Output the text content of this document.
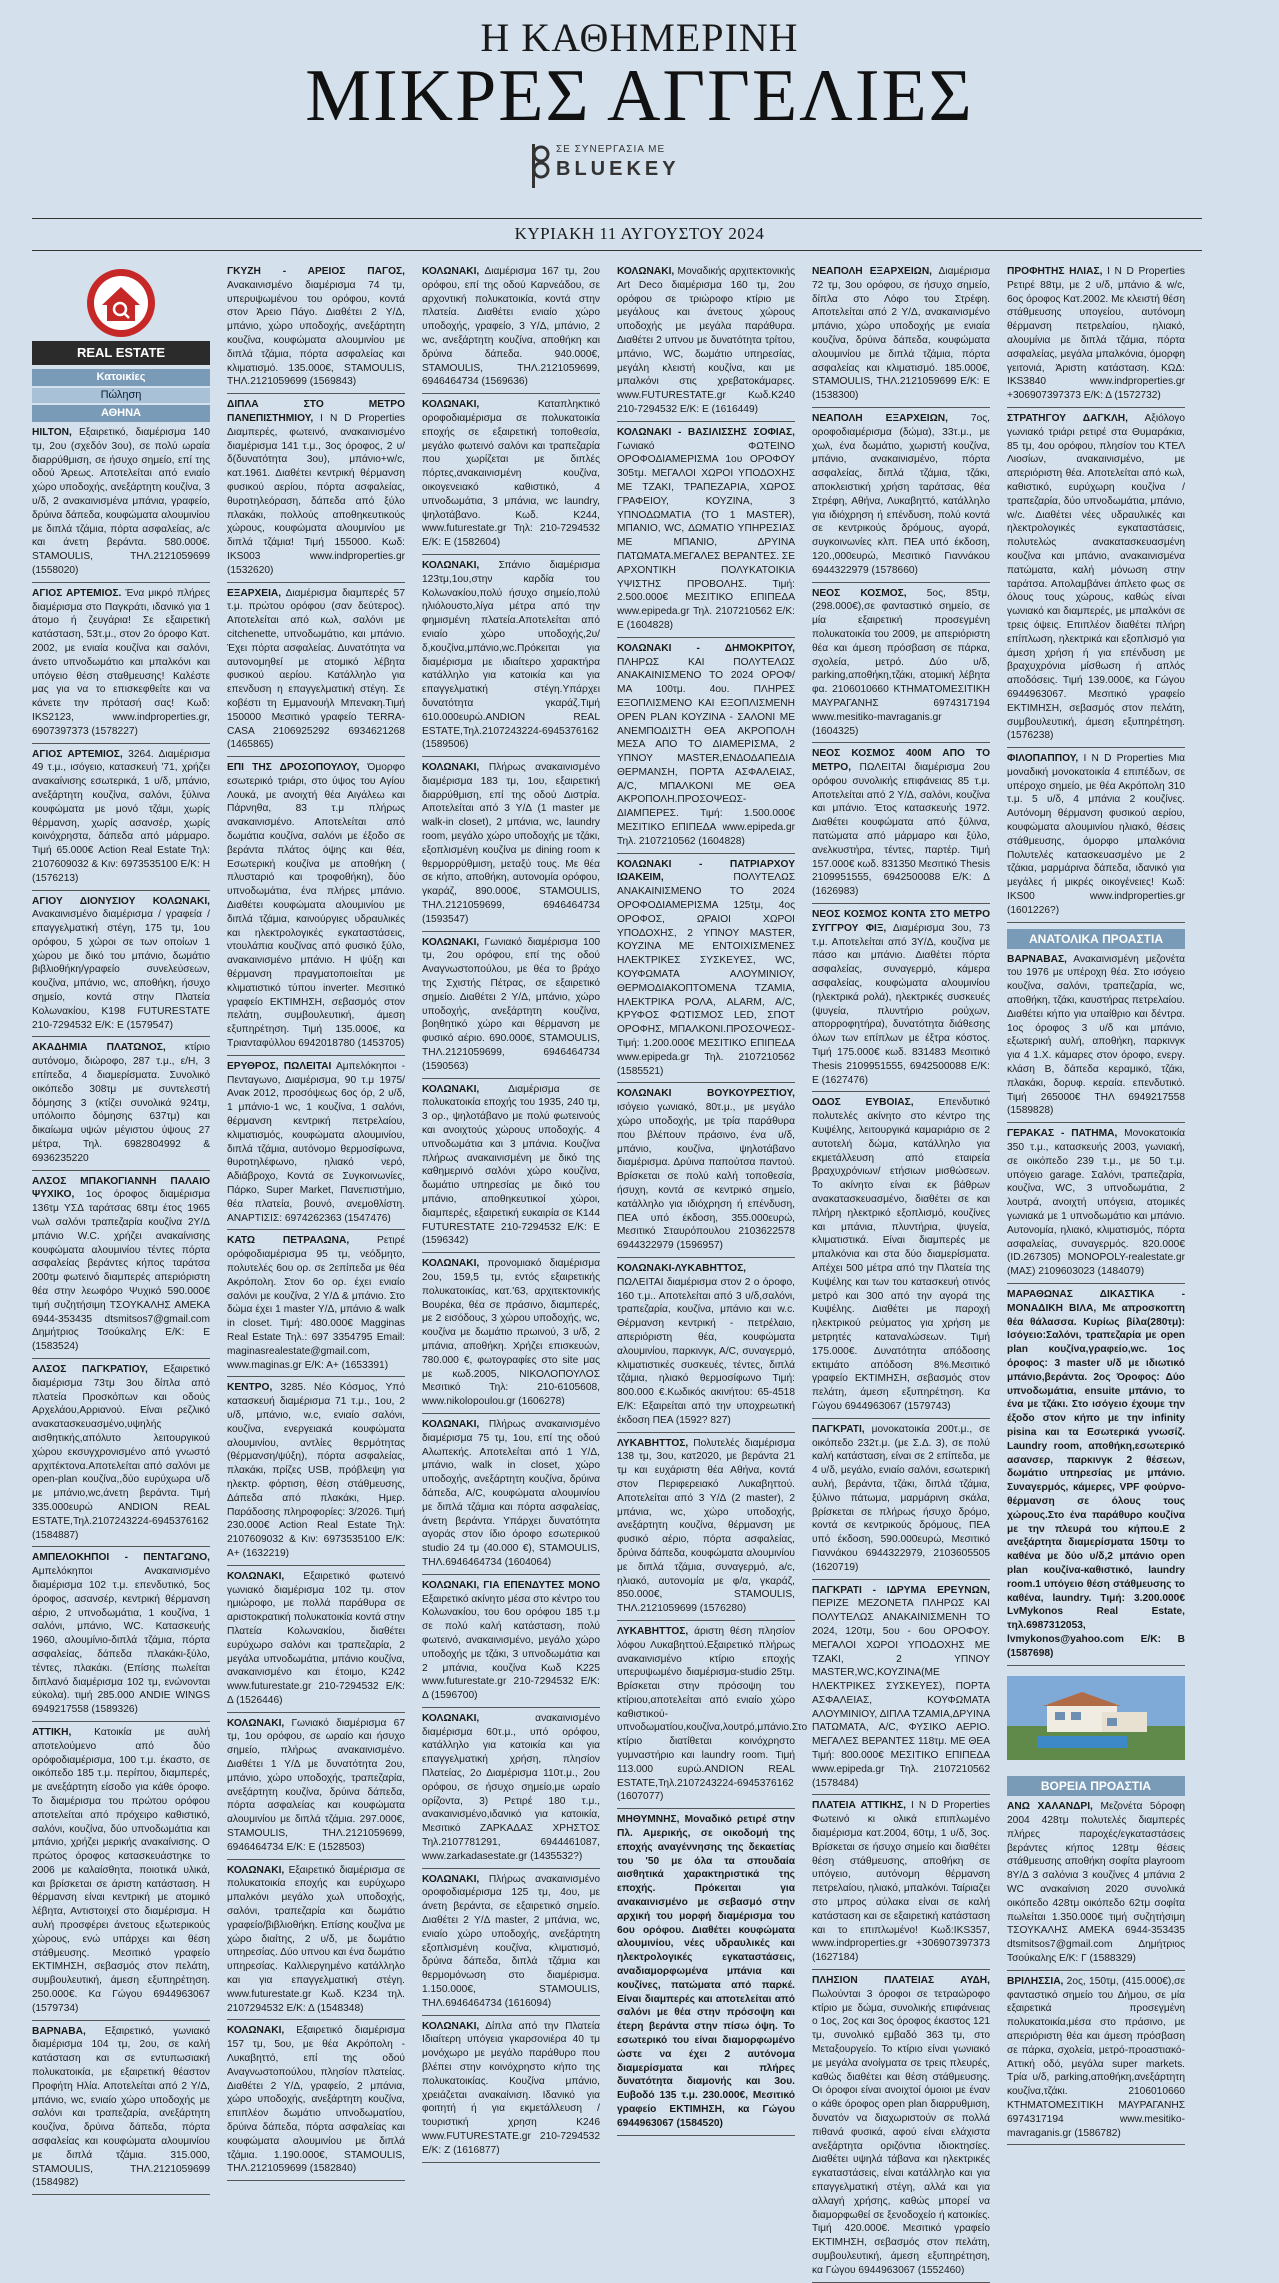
Η ΚΑΘΗΜΕΡΙΝΗ
ΜΙΚΡΕΣ ΑΓΓΕΛΙΕΣ
ΣΕ ΣΥΝΕΡΓΑΣΙΑ ΜΕ
BLUEKEY
ΚΥΡΙΑΚΗ 11 ΑΥΓΟΥΣΤΟΥ 2024
REAL ESTATE
Κατοικίες
Πώληση
ΑΘΗΝΑ
HILTON, Εξαιρετικό, διαμέρισμα 140 τμ, 2ου (σχεδόν 3ου), σε πολύ ωραία διαρρύθμιση, σε ήσυχο σημείο, επί της οδού Άρεως. Αποτελείται από ενιαίο χώρο υποδοχής, ανεξάρτητη κουζίνα, 3 υ/δ, 2 ανακαινισμένα μπάνια, γραφείο, δρύινα δάπεδα, κουφώματα αλουμινίου με διπλά τζάμια, πόρτα ασφαλείας, a/c και άνετη βεράντα. 580.000€. STAMOULIS, ΤΗΛ.2121059699 (1558020)
ΑΓΙΟΣ ΑΡΤΕΜΙΟΣ. Ένα μικρό πλήρες διαμέρισμα στο Παγκράτι, ιδανικό για 1 άτομο ή ζευγάρια! Σε εξαιρετική κατάσταση, 53τ.μ., στον 2ο όροφο Κατ. 2002, με ενιαία κουζίνα και σαλόνι, άνετο υπνοδωμάτιο και μπαλκόνι και υπόγειο θέση σταθμευσης! Καλέστε μας για να το επισκεφθείτε και να κάνετε την πρότασή σας! Κωδ: IKS2123, www.indproperties.gr, 6907397373 (1578227)
ΑΓΙΟΣ ΑΡΤΕΜΙΟΣ, 3264. Διαμέρισμα 49 τ.μ., ισόγειο, κατασκευή '71, χρήζει ανακαίνισης εσωτερικά, 1 υ/δ, μπάνιο, ανεξάρτητη κουζίνα, σαλόνι, ξύλινα κουφώματα με μονό τζάμι, χωρίς θέρμανση, χωρίς ασανσέρ, χωρίς κοινόχρηστα, δάπεδα από μάρμαρο. Τιμή 65.000€ Action Real Estate Τηλ: 2107609032 & Κιν: 6973535100 Ε/Κ: Η (1576213)
ΑΓΙΟΥ ΔΙΟΝΥΣΙΟΥ ΚΟΛΩΝΑΚΙ, Ανακαινισμένο διαμέρισμα / γραφεία / επαγγελματική στέγη, 175 τμ, 1ου ορόφου, 5 χώροι σε των οποίων 1 χώρου με δικό του μπάνιο, δωμάτιο βιβλιοθήκη/γραφείο συνελεύσεων, κουζίνα, μπάνιο, wc, αποθήκη, ήσυχο σημείο, κοντά στην Πλατεία Κολωνακίου, Κ198 FUTURESTATE 210-7294532 Ε/Κ: Ε (1579547)
ΑΚΑΔΗΜΙΑ ΠΛΑΤΩΝΟΣ, κτίριο αυτόνομο, διώροφο, 287 τ.μ., ε/Η, 3 επίπεδα, 4 διαμερίσματα. Συνολικό οικόπεδο 308τμ με συντελεστή δόμησης 3 (κτίζει συνολικά 924τμ, υπόλοιπο δόμησης 637τμ) και δικαίωμα υψών μέγιστου ύψους 27 μέτρα, Τηλ. 6982804992 & 6936235220
ΑΛΣΟΣ ΜΠΑΚΟΓΙΑΝΝΗ ΠΑΛΑΙΟ ΨΥΧΙΚΟ, 1ος όροφος διαμέρισμα 136τμ ΥΣΔ ταράτσας 68τμ έτος 1965 νωλ σαλόνι τραπεζαρία κουζίνα 2Υ/Δ μπάνιο W.C. χρήζει ανακαίνισης κουφώματα αλουμινίου τέντες πόρτα ασφαλείας βεράντες κήπος ταράτσα 200τμ φωτεινό διαμπερές απεριόριστη θέα στην λεωφόρο Ψυχικό 590.000€ τιμή συζητήσιμη ΤΣΟΥΚΑΛΗΣ ΑΜΕΚΑ 6944-353435 dtsmitsos7@gmail.com Δημήτριος Τσούκαλης Ε/Κ: Ε (1583524)
ΑΛΣΟΣ ΠΑΓΚΡΑΤΙΟΥ, Εξαιρετικό διαμέρισμα 73τμ 3ου δίπλα από πλατεία Προσκόπων και οδούς Αρχελάου,Αρριανού. Είναι ρεζλικό ανακατασκευασμένο,υψηλής αισθητικής,απόλυτο λειτουργικού χώρου εκσυγχρονισμένο από γνωστό αρχιτέκτονα.Αποτελείται από σαλόνι με open-plan κουζίνα,,δύο ευρύχωρα υ/δ με μπάνιο,wc,άνετη βεράντα. Τιμή 335.000ευρώ ANDION REAL ESTATE,Τηλ.2107243224-6945376162 (1584887)
ΑΜΠΕΛΟΚΗΠΟΙ - ΠΕΝΤΑΓΩΝΟ, Αμπελόκηποι Ανακαινισμένο διαμέρισμα 102 τ.μ. επενδυτικό, 5ος όροφος, ασανσέρ, κεντρική θέρμανση αέριο, 2 υπνοδωμάτια, 1 κουζίνα, 1 σαλόνι, μπάνιο, WC. Κατασκευής 1960, αλουμίνιο-διπλά τζάμια, πόρτα ασφαλείας, δάπεδα πλακάκι-ξύλο, τέντες, πλακάκι. (Επίσης πωλείται διπλανό διαμέρισμα 102 τμ, ενώνονται εύκολα). τιμή 285.000 ANDIE WINGS 6949217558 (1589326)
ΑΤΤΙΚΗ, Κατοικία με αυλή αποτελούμενο από δύο ορόφοδιαμέρισμα, 100 τ.μ. έκαστο, σε οικόπεδο 185 τ.μ. περίπου, διαμπερές, με ανεξάρτητη είσοδο για κάθε όροφο. Το διαμέρισμα του πρώτου ορόφου αποτελείται από πρόχειρο καθιστικό, σαλόνι, κουζίνα, δύο υπνοδωμάτια και μπάνιο, χρήζει μερικής ανακαίνισης. Ο πρώτος όροφος κατασκευάστηκε το 2006 με καλαίσθητα, ποιοτικά υλικά, και βρίσκεται σε άριστη κατάσταση. Η θέρμανση είναι κεντρική με ατομικό λέβητα, Αντιστοιχεί στο διαμέρισμα. Η αυλή προσφέρει άνετους εξωτερικούς χώρους, ενώ υπάρχει και θέση στάθμευσης. Μεσιτικό γραφείο ΕΚΤΙΜΗΣΗ, σεβασμός στον πελάτη, συμβουλευτική, άμεση εξυπηρέτηση. 250.000€. Κα Γώγου 6944963067 (1579734)
ΒΑΡΝΑΒΑ, Εξαιρετικό, γωνιακό διαμέρισμα 104 τμ, 2ου, σε καλή κατάσταση και σε εντυπωσιακή πολυκατοικία, με εξαιρετική θέαστον Προφήτη Ηλία. Αποτελείται από 2 Υ/Δ, μπάνιο, wc, ενιαίο χώρο υποδοχής με σαλόνι και τραπεζαρία, ανεξάρτητη κουζίνα, δρύινα δάπεδα, πόρτα ασφαλείας και κουφώματα αλουμινίου με διπλά τζάμια. 315.000, STAMOULIS, ΤΗΛ.2121059699 (1584982)
ΓΚΥΖΗ - ΑΡΕΙΟΣ ΠΑΓΟΣ, Ανακαινισμένο διαμέρισμα 74 τμ, υπερυψωμένου του ορόφου, κοντά στον Άρειο Πάγο. Διαθέτει 2 Υ/Δ, μπάνιο, χώρο υποδοχής, ανεξάρτητη κουζίνα, κουφώματα αλουμινίου με διπλά τζάμια, πόρτα ασφαλείας και κλιματισμό. 135.000€, STAMOULIS, ΤΗΛ.2121059699 (1569843)
ΔΙΠΛΑ ΣΤΟ ΜΕΤΡΟ ΠΑΝΕΠΙΣΤΗΜΙΟΥ, I N D Properties Διαμπερές, φωτεινό, ανακαινισμένο διαμέρισμα 141 τ.μ., 3ος όροφος, 2 υ/δ(δυνατότητα 3ου), μπάνιο+w/c, κατ.1961. Διαθέτει κεντρική θέρμανση φυσικού αερίου, πόρτα ασφαλείας, θυροτηλεόραση, δάπεδα από ξύλο πλακάκι, πολλούς αποθηκευτικούς χώρους, κουφώματα αλουμινίου με διπλά τζάμια! Τιμή 155000. Κωδ: IKS003 www.indproperties.gr (1532620)
ΕΞΑΡΧΕΙΑ, Διαμέρισμα διαμπερές 57 τ.μ. πρώτου ορόφου (σαν δεύτερος). Αποτελείται από κωλ, σαλόνι με citchenette, υπνοδωμάτιο, και μπάνιο. Έχει πόρτα ασφαλείας. Δυνατότητα να αυτονομηθεί με ατομικό λέβητα φυσικού αερίου. Κατάλληλο για επενδυση η επαγγελματική στέγη. Σε κοβέστι τη Εμμανουήλ Μπενακη.Τιμή 150000 Μεσιτικό γραφείο TERRA-CASA 2106925292 6934621268 (1465865)
ΕΠΙ ΤΗΣ ΔΡΟΣΟΠΟΥΛΟΥ, Όμορφο εσωτερικό τριάρι, στο ύψος του Αγίου Λουκά, με ανοιχτή θέα Αιγάλεω και Πάρνηθα, 83 τ.μ πλήρως ανακαινισμένο. Αποτελείται από δωμάτια κουζίνα, σαλόνι με έξοδο σε βεράντα πλάτος όψης και θέα, Εσωτερική κουζίνα με αποθήκη ( πλυσταριό και τροφοθήκη), δύο υπνοδωμάτια, ένα πλήρες μπάνιο. Διαθέτει κουφώματα αλουμινίου με διπλά τζάμια, καινούργιες υδραυλικές και ηλεκτρολογικές εγκαταστάσεις, ντουλάπια κουζίνας από φυσικό ξύλο, ανακαινισμένο μπάνιο. Η ψύξη και θέρμανση πραγματοποιείται με κλιματιστικό τύπου inverter. Μεσιτικό γραφείο ΕΚΤΙΜΗΣΗ, σεβασμός στον πελάτη, συμβουλευτική, άμεση εξυπηρέτηση. Τιμή 135.000€, κα Τριανταφύλλου 6942018780 (1453705)
ΕΡΥΘΡΟΣ, ΠΩΛΕΙΤΑΙ Αμπελόκηποι - Πενταγωνο, Διαμέρισμα, 90 τ.μ 1975/ Ανακ 2012, προσόψεως 6ος όρ, 2 υ/δ, 1 μπάνιο-1 wc, 1 κουζίνα, 1 σαλόνι, θέρμανση κεντρική πετρελαίου, κλιματισμός, κουφώματα αλουμινίου, διπλά τζάμια, αυτόνομο θερμοσίφωνα, θυροτηλέφωνο, ηλιακό νερό, Αδιάβροχο, Κοντά σε Συγκοινωνίες, Πάρκο, Super Market, Πανεπιστήμιο, θέα πλατεία, βουνό, ανεμοθλίστη. ΑΝΑΡΤΙΣΙΣ: 6974262363 (1547476)
ΚΑΤΩ ΠΕΤΡΑΛΩΝΑ, Ρετιρέ ορόφοδιαμέρισμα 95 τμ, νεόδμητο, πολυτελές 6ου ορ. σε 2επίπεδα με θέα Ακρόπολη. Στον 6ο ορ. έχει ενιαίο σαλόνι με κουζίνα, 2 Υ/Δ & μπάνιο. Στο δώμα έχει 1 master Υ/Δ, μπάνιο & walk in closet. Τιμή: 480.000€ Magginas Real Estate Τηλ.: 697 3354795 Email: maginasrealestate@gmail.com, www.maginas.gr Ε/Κ: Α+ (1653391)
ΚΕΝΤΡΟ, 3285. Νέο Κόσμος, Υπό κατασκευή διαμέρισμα 71 τ.μ., 1ου, 2 υ/δ, μπάνιο, w.c, ενιαίο σαλόνι, κουζίνα, ενεργειακά κουφώματα αλουμινίου, αντλίες θερμότητας (θέρμανση/ψύξη), πόρτα ασφαλείας, πλακάκι, πρίζες USB, πρόβλεψη για ηλεκτρ. φόρτιση, θέση στάθμευσης, Δάπεδα από πλακάκι, Ημερ. Παράδοσης πληροφορίες: 3/2026. Τιμή 230.000€ Action Real Estate Τηλ: 2107609032 & Κιν: 6973535100 Ε/Κ: Α+ (1632219)
ΚΟΛΩΝΑΚΙ, Εξαιρετικό φωτεινό γωνιακό διαμέρισμα 102 τμ. στον ημιώροφο, με πολλά παράθυρα σε αριστοκρατική πολυκατοικία κοντά στην Πλατεία Κολωνακίου, διαθέτει ευρύχωρο σαλόνι και τραπεζαρία, 2 μεγάλα υπνοδωμάτια, μπάνιο κουζίνα, ανακαινισμένο και έτοιμο, K242 www.futurestate.gr 210-7294532 Ε/Κ: Δ (1526446)
ΚΟΛΩΝΑΚΙ, Γωνιακό διαμέρισμα 67 τμ, 1ου ορόφου, σε ωραίο και ήσυχο σημείο, πλήρως ανακαινισμένο. Διαθέτει 1 Υ/Δ με δυνατότητα 2ου, μπάνιο, χώρο υποδοχής, τραπεζαρία, ανεξάρτητη κουζίνα, δρύινα δάπεδα, πόρτα ασφαλείας και κουφώματα αλουμινίου με διπλά τζάμια. 297.000€, STAMOULIS, ΤΗΛ.2121059699, 6946464734 Ε/Κ: Ε (1528503)
ΚΟΛΩΝΑΚΙ, Εξαιρετικό διαμέρισμα σε πολυκατοικία εποχής και ευρύχωρο μπαλκόνι μεγάλο χωλ υποδοχής, σαλόνι, τραπεζαρία και δωμάτιο γραφείο/βιβλιοθήκη. Επίσης κουζίνα με χώρο διαίτης, 2 υ/δ, με δωμάτιο υπηρεσίας. Δύο υπνου και ένα δωμάτιο υπηρεσίας. Καλλιεργημένο κατάλληλο και για επαγγελματική στέγη. www.futurestate.gr Κωδ. K234 τηλ. 2107294532 Ε/Κ: Δ (1548348)
ΚΟΛΩΝΑΚΙ, Εξαιρετικό διαμέρισμα 157 τμ, 5ου, με θέα Ακρόπολη - Λυκαβηττό, επί της οδού Αναγνωστοπούλου, πλησίον πλατείας. Διαθέτει 2 Υ/Δ, γραφείο, 2 μπάνια, χώρο υποδοχής, ανεξάρτητη κουζίνα, επιπλέον δωμάτιο υπνοδωματίου, δρύινα δάπεδα, πόρτα ασφαλείας και κουφώματα αλουμινίου με διπλά τζάμια. 1.190.000€, STAMOULIS, ΤΗΛ.2121059699 (1582840)
ΚΟΛΩΝΑΚΙ, Διαμέρισμα 167 τμ, 2ου ορόφου, επί της οδού Καρνεάδου, σε αρχοντική πολυκατοικία, κοντά στην πλατεία. Διαθέτει ενιαίο χώρο υποδοχής, γραφείο, 3 Υ/Δ, μπάνιο, 2 wc, ανεξάρτητη κουζίνα, αποθήκη και δρύινα δάπεδα. 940.000€, STAMOULIS, ΤΗΛ.2121059699, 6946464734 (1569636)
ΚΟΛΩΝΑΚΙ, Καταπληκτικό οροφοδιαμέρισμα σε πολυκατοικία εποχής σε εξαιρετική τοποθεσία, μεγάλο φωτεινό σαλόνι και τραπεζαρία που χωρίζεται με διπλές πόρτες,ανακαινισμένη κουζίνα, οικογενειακό καθιστικό, 4 υπνοδωμάτια, 3 μπάνια, wc laundry, ψηλοτάβανο. Κωδ. K244, www.futurestate.gr Τηλ: 210-7294532 Ε/Κ: Ε (1582604)
ΚΟΛΩΝΑΚΙ, Σπάνιο διαμέρισμα 123τμ,1ου,στην καρδία του Κολωνακίου,πολύ ήσυχο σημείο,πολύ ηλιόλουστο,λίγα μέτρα από την φημισμένη πλατεία.Αποτελείται από ενιαίο χώρο υποδοχής,2υ/δ,κουζίνα,μπάνιο,wc.Πρόκειται για διαμέρισμα με ιδιαίτερο χαρακτήρα κατάλληλο για κατοικία και για επαγγελματική στέγη.Υπάρχει δυνατότητα γκαράζ.Τιμή 610.000ευρώ.ANDION REAL ESTATE,Τηλ.2107243224-6945376162 (1589506)
ΚΟΛΩΝΑΚΙ, Πλήρως ανακαινισμένο διαμέρισμα 183 τμ, 1ου, εξαιρετική διαρρύθμιση, επί της οδού Διστρία. Αποτελείται από 3 Υ/Δ (1 master με walk-in closet), 2 μπάνια, wc, laundry room, μεγάλο χώρο υποδοχής με τζάκι, εξοπλισμένη κουζίνα με dining room κ θερμορρύθμιση, μεταξύ τους. Με θέα σε κήπο, αποθήκη, αυτονομία ορόφου, γκαράζ, 890.000€, STAMOULIS, ΤΗΛ.2121059699, 6946464734 (1593547)
ΚΟΛΩΝΑΚΙ, Γωνιακό διαμέρισμα 100 τμ, 2ου ορόφου, επί της οδού Αναγνωστοπούλου, με θέα το βράχο της Σχιστής Πέτρας, σε εξαιρετικό σημείο. Διαθέτει 2 Υ/Δ, μπάνιο, χώρο υποδοχής, ανεξάρτητη κουζίνα, βοηθητικό χώρο και θέρμανση με φυσικό αέριο. 690.000€, STAMOULIS, ΤΗΛ.2121059699, 6946464734 (1590563)
ΚΟΛΩΝΑΚΙ, Διαμέρισμα σε πολυκατοικία εποχής του 1935, 240 τμ, 3 ορ., ψηλοτάβανο με πολύ φωτεινούς και ανοιχτούς χώρους υποδοχής. 4 υπνοδωμάτια και 3 μπάνια. Κουζίνα πλήρως ανακαινισμένη με δικό της καθημερινό σαλόνι χώρο κουζίνα, δωμάτιο υπηρεσίας με δικό του μπάνιο, αποθηκευτικοί χώροι, διαμπερές, εξαιρετική ευκαιρία σε Κ144 FUTURESTATE 210-7294532 Ε/Κ: Ε (1596342)
ΚΟΛΩΝΑΚΙ, προνομιακό διαμέρισμα 2ου, 159,5 τμ, εντός εξαιρετικής πολυκατοικίας, κατ.'63, αρχιτεκτονικής Βουρέκα, θέα σε πράσινο, διαμπερές, με 2 εισόδους, 3 χώρου υποδοχής, wc, κουζίνα με δωμάτιο πρωινού, 3 υ/δ, 2 μπάνια, αποθήκη. Χρήζει επισκευών, 780.000 €, φωτογραφίες στο site μας με κωδ.2005, ΝΙΚΟΛΟΠΟΥΛΟΣ Μεσιτικό Τηλ: 210-6105608, www.nikolopoulou.gr (1606278)
ΚΟΛΩΝΑΚΙ, Πλήρως ανακαινισμένο διαμέρισμα 75 τμ, 1ου, επί της οδού Αλωπεκής. Αποτελείται από 1 Υ/Δ, μπάνιο, walk in closet, χώρο υποδοχής, ανεξάρτητη κουζίνα, δρύινα δάπεδα, Α/C, κουφώματα αλουμινίου με διπλά τζάμια και πόρτα ασφαλείας, άνετη βεράντα. Υπάρχει δυνατότητα αγοράς στον ίδιο όροφο εσωτερικού studio 24 τμ (40.000 €), STAMOULIS, ΤΗΛ.6946464734 (1604064)
ΚΟΛΩΝΑΚΙ, ΓΙΑ ΕΠΕΝΔΥΤΕΣ ΜΟΝΟ Εξαιρετικό ακίνητο μέσα στο κέντρο του Κολωνακίου, του 6ου ορόφου 185 τ.μ σε πολύ καλή κατάσταση, πολύ φωτεινό, ανακαινισμένο, μεγάλο χώρο υποδοχής με τζάκι, 3 υπνοδωμάτια και 2 μπάνια, κουζίνα Κωδ K225 www.futurestate.gr 210-7294532 Ε/Κ: Δ (1596700)
ΚΟΛΩΝΑΚΙ, ανακαινισμένο διαμέρισμα 60τ.μ., υπό ορόφου, κατάλληλο για κατοικία και για επαγγελματική χρήση, πλησίον Πλατείας, 2ο Διαμέρισμα 110τ.μ., 2ου ορόφου, σε ήσυχο σημείο,με ωραίο ορίζοντα, 3) Ρετιρέ 180 τ.μ., ανακαινισμένο,ιδανικό για κατοικία, Μεσιτικό ΖΑΡΚΑΔΑΣ ΧΡΗΣΤΟΣ Τηλ.2107781291, 6944461087, www.zarkadasestate.gr (1435532?)
ΚΟΛΩΝΑΚΙ, Πλήρως ανακαινισμένο οροφοδιαμέρισμα 125 τμ, 4ου, με άνετη βεράντα, σε εξαιρετικό σημείο. Διαθέτει 2 Υ/Δ master, 2 μπάνια, wc, ενιαίο χώρο υποδοχής, ανεξάρτητη εξοπλισμένη κουζίνα, κλιματισμό, δρύινα δάπεδα, διπλά τζάμια και θερμομόνωση στο διαμέρισμα. 1.150.000€, STAMOULIS, ΤΗΛ.6946464734 (1616094)
ΚΟΛΩΝΑΚΙ, Δίπλα από την Πλατεία Ιδιαίτερη υπόγεια γκαρσονιέρα 40 τμ μονόχωρο με μεγάλο παράθυρο που βλέπει στην κοινόχρηστο κήπο της πολυκατοικίας. Κουζίνα μπάνιο, χρειάζεται ανακαίνιση. Ιδανικό για φοιτητή ή για εκμετάλλευση / τουριστική χρηση K246 www.FUTURESTATE.gr 210-7294532 Ε/Κ: Ζ (1616877)
ΚΟΛΩΝΑΚΙ, Μοναδικής αρχιτεκτονικής Art Deco διαμέρισμα 160 τμ, 2ου ορόφου σε τριώροφο κτίριο με μεγάλους και άνετους χώρους υποδοχής με μεγάλα παράθυρα. Διαθέτει 2 υπνου με δυνατότητα τρίτου, μπάνιο, WC, δωμάτιο υπηρεσίας, μεγάλη κλειστή κουζίνα, και με μπαλκόνι στις χρεβατοκάμαρες. www.FUTURESTATE.gr Κωδ.K240 210-7294532 Ε/Κ: Ε (1616449)
ΚΟΛΩΝΑΚΙ - ΒΑΣΙΛΙΣΣΗΣ ΣΟΦΙΑΣ, Γωνιακό ΦΩΤΕΙΝΟ ΟΡΟΦΟΔΙΑΜΕΡΙΣΜΑ 1ου ΟΡΟΦΟΥ 305τμ. ΜΕΓΑΛΟΙ ΧΩΡΟΙ ΥΠΟΔΟΧΗΣ ΜΕ ΤΖΑΚΙ, ΤΡΑΠΕΖΑΡΙΑ, ΧΩΡΟΣ ΓΡΑΦΕΙΟΥ, ΚΟΥΖΙΝΑ, 3 ΥΠΝΟΔΩΜΑΤΙΑ (ΤΟ 1 MASTER), ΜΠΑΝΙΟ, WC, ΔΩΜΑΤΙΟ ΥΠΗΡΕΣΙΑΣ ΜΕ ΜΠΑΝΙΟ, ΔΡΥΙΝΑ ΠΑΤΩΜΑΤΑ.ΜΕΓΑΛΕΣ ΒΕΡΑΝΤΕΣ. ΣΕ ΑΡΧΟΝΤΙΚΗ ΠΟΛΥΚΑΤΟΙΚΙΑ ΥΨΙΣΤΗΣ ΠΡΟΒΟΛΗΣ. Τιμή: 2.500.000€ ΜΕΣΙΤΙΚΟ ΕΠΙΠΕΔΑ www.epipeda.gr Τηλ. 2107210562 Ε/Κ: Ε (1604828)
ΚΟΛΩΝΑΚΙ - ΔΗΜΟΚΡΙΤΟΥ, ΠΛΗΡΩΣ ΚΑΙ ΠΟΛΥΤΕΛΩΣ ΑΝΑΚΑΙΝΙΣΜΕΝΟ ΤΟ 2024 ΟΡΟΦ/ΜΑ 100τμ. 4ου. ΠΛΗΡΕΣ ΕΞΟΠΛΙΣΜΕΝΟ ΚΑΙ ΕΞΟΠΛΙΣΜΕΝΗ OPEN PLAN ΚΟΥΖΙΝΑ - ΣΑΛΟΝΙ ΜΕ ΑΝΕΜΠΟΔΙΣΤΗ ΘΕΑ ΑΚΡΟΠΟΛΗ ΜΕΣΑ ΑΠΟ ΤΟ ΔΙΑΜΕΡΙΣΜΑ, 2 ΥΠΝΟΥ MASTER,ΕΝΔΟΔΑΠΕΔΙΑ ΘΕΡΜΑΝΣΗ, ΠΟΡΤΑ ΑΣΦΑΛΕΙΑΣ, A/C, ΜΠΑΛΚΟΝΙ ΜΕ ΘΕΑ ΑΚΡΟΠΟΛΗ.ΠΡΟΣΟΨΕΩΣ-ΔΙΑΜΠΕΡΕΣ. Τιμή: 1.500.000€ ΜΕΣΙΤΙΚΟ ΕΠΙΠΕΔΑ www.epipeda.gr Τηλ. 2107210562 (1604828)
ΚΟΛΩΝΑΚΙ - ΠΑΤΡΙΑΡΧΟΥ ΙΩΑΚΕΙΜ, ΠΟΛΥΤΕΛΩΣ ΑΝΑΚΑΙΝΙΣΜΕΝΟ ΤΟ 2024 ΟΡΟΦΟΔΙΑΜΕΡΙΣΜΑ 125τμ, 4ος ΟΡΟΦΟΣ, ΩΡΑΙΟΙ ΧΩΡΟΙ ΥΠΟΔΟΧΗΣ, 2 ΥΠΝΟΥ MASTER, ΚΟΥΖΙΝΑ ΜΕ ΕΝΤΟΙΧΙΣΜΕΝΕΣ ΗΛΕΚΤΡΙΚΕΣ ΣΥΣΚΕΥΕΣ, WC, ΚΟΥΦΩΜΑΤΑ ΑΛΟΥΜΙΝΙΟΥ, ΘΕΡΜΟΔΙΑΚΟΠΤΟΜΕΝΑ ΤΖΑΜΙΑ, ΗΛΕΚΤΡΙΚΑ ΡΟΛΑ, ALARM, A/C, ΚΡΥΦΟΣ ΦΩΤΙΣΜΟΣ LED, ΣΠΟΤ ΟΡΟΦΗΣ, ΜΠΑΛΚΟΝΙ.ΠΡΟΣΟΨΕΩΣ-Τιμή: 1.200.000€ ΜΕΣΙΤΙΚΟ ΕΠΙΠΕΔΑ www.epipeda.gr Τηλ. 2107210562 (1585521)
ΚΟΛΩΝΑΚΙ ΒΟΥΚΟΥΡΕΣΤΙΟΥ, ισόγειο γωνιακό, 80τ.μ., με μεγάλο χώρο υποδοχής, με τρία παράθυρα που βλέπουν πράσινο, ένα υ/δ, μπάνιο, κουζίνα, ψηλοτάβανο διαμέρισμα. Δρύινα παπούτσα παντού. Βρίσκεται σε πολύ καλή τοποθεσία, ήσυχη, κοντά σε κεντρικό σημείο, κατάλληλο για ιδιόχρηση ή επένδυση, ΠΕΑ υπό έκδοση, 355.000ευρώ, Μεσιτικό Σταυρόπουλου 2103622578 6944322979 (1596957)
ΚΟΛΩΝΑΚΙ-ΛΥΚΑΒΗΤΤΟΣ, ΠΩΛΕΙΤΑΙ διαμέρισμα στον 2 ο όροφο, 160 τ.μ.. Αποτελείται από 3 υ/δ,σαλόνι, τραπεζαρία, κουζίνα, μπάνιο και w.c. Θέρμανση κεντρική - πετρέλαιο, απεριόριστη θέα, κουφώματα αλουμινίου, παρκινγκ, Α/C, συναγερμό, κλιματιστικές συσκευές, τέντες, διπλά τζάμια, ηλιακό θερμοσίφωνο Τιμή: 800.000 €.Κωδικός ακινήτου: 65-4518 Ε/Κ: Εξαιρείται από την υποχρεωτική έκδοση ΠΕΑ (1592? 827)
ΛΥΚΑΒΗΤΤΟΣ, Πολυτελές διαμέρισμα 138 τμ, 3ου, κατ2020, με βεράντα 21 τμ και ευχάριστη θέα Αθήνα, κοντά στον Περιφερειακό Λυκαβηττού. Αποτελείται από 3 Υ/Δ (2 master), 2 μπάνια, wc, χώρο υποδοχής, ανεξάρτητη κουζίνα, θέρμανση με φυσικό αέριο, πόρτα ασφαλείας, δρύινα δάπεδα, κουφώματα αλουμινίου με διπλά τζάμια, συναγερμό, a/c, ηλιακό, αυτονομία με φ/α, γκαράζ, 850.000€, STAMOULIS, ΤΗΛ.2121059699 (1576280)
ΛΥΚΑΒΗΤΤΟΣ, άριστη θέση πλησίον λόφου Λυκαβηττού.Εξαιρετικό πλήρως ανακαινισμένο κτίριο εποχής υπερυψωμένο διαμέρισμα-studio 25τμ. Βρίσκεται στην πρόσοψη του κτίριου,αποτελείται από ενιαίο χώρο καθιστικού-υπνοδωματίου,κουζίνα,λουτρό,μπάνιο.Στο κτίριο διατίθεται κοινόχρηστο γυμναστήριο και laundry room. Τιμή 113.000 ευρώ.ANDION REAL ESTATE,Τηλ.2107243224-6945376162 (1607077)
ΜΗΘΥΜΝΗΣ, Μοναδικό ρετιρέ στην Πλ. Αμερικής, σε οικοδομή της εποχής αναγέννησης της δεκαετίας του '50 με όλα τα σπουδαία αισθητικά χαρακτηριστικά της εποχής. Πρόκειται για ανακαινισμένο με σεβασμό στην αρχική του μορφή διαμέρισμα του 6ου ορόφου. Διαθέτει κουφώματα αλουμινίου, νέες υδραυλικές και ηλεκτρολογικές εγκαταστάσεις, αναδιαμορφωμένα μπάνια και κουζίνες, πατώματα από παρκέ. Είναι διαμπερές και αποτελείται από σαλόνι με θέα στην πρόσοψη και έτερη βεράντα στην πίσω όψη. Το εσωτερικό του είναι διαμορφωμένο ώστε να έχει 2 αυτόνομα διαμερίσματα και πλήρες δυνατότητα διαμονής και 3ου. Ευβοδό 135 τ.μ. 230.000€, Μεσιτικό γραφείο ΕΚΤΙΜΗΣΗ, κα Γώγου 6944963067 (1584520)
ΝΕΑΠΟΛΗ ΕΞΑΡΧΕΙΩΝ, Διαμέρισμα 72 τμ, 3ου ορόφου, σε ήσυχο σημείο, δίπλα στο Λόφο του Στρέφη. Αποτελείται από 2 Υ/Δ, ανακαινισμένο μπάνιο, χώρο υποδοχής με ενιαία κουζίνα, δρύινα δάπεδα, κουφώματα αλουμινίου με διπλά τζάμια, πόρτα ασφαλείας και κλιματισμό. 185.000€, STAMOULIS, ΤΗΛ.2121059699 Ε/Κ: Ε (1538300)
ΝΕΑΠΟΛΗ ΕΞΑΡΧΕΙΩΝ, 7ος, οροφοδιαμέρισμα (δώμα), 33τ.μ., με χωλ, ένα δωμάτιο, χωριστή κουζίνα, μπάνιο, ανακαινισμένο, πόρτα ασφαλείας, διπλά τζάμια, τζάκι, αποκλειστική χρήση ταράτσας, θέα Στρέφη, Αθήνα, Λυκαβηττό, κατάλληλο για ιδιόχρηση ή επένδυση, πολύ κοντά σε κεντρικούς δρόμους, αγορά, συγκοινωνίες κλπ. ΠΕΑ υπό έκδοση, 120.,000ευρώ, Μεσιτικό Γιαννάκου 6944322979 (1578660)
ΝΕΟΣ ΚΟΣΜΟΣ, 5ος, 85τμ, (298.000€),σε φανταστικό σημείο, σε μία εξαιρετική προσεγμένη πολυκατοικία του 2009, με απεριόριστη θέα και άμεση πρόσβαση σε πάρκα, σχολεία, μετρό. Δύο υ/δ, parking,αποθήκη,τζάκι, ατομική λέβητα φα. 2106010660 ΚΤΗΜΑΤΟΜΕΣΙΤΙΚΗ ΜΑΥΡΑΓΑΝΗΣ 6974317194 www.mesitiko-mavraganis.gr (1604325)
ΝΕΟΣ ΚΟΣΜΟΣ 400Μ ΑΠΟ ΤΟ ΜΕΤΡΟ, ΠΩΛΕΙΤΑΙ διαμέρισμα 2ου ορόφου συνολικής επιφάνειας 85 τ.μ. Αποτελείται από 2 Υ/Δ, σαλόνι, κουζίνα και μπάνιο. Έτος κατασκευής 1972. Διαθέτει κουφώματα από ξύλινα, πατώματα από μάρμαρο και ξύλο, ανελκυστήρα, τέντες, παρτέρ. Τιμή 157.000€ κωδ. 831350 Μεσιτικό Thesis 2109951555, 6942500088 Ε/Κ: Δ (1626983)
ΝΕΟΣ ΚΟΣΜΟΣ ΚΟΝΤΑ ΣΤΟ ΜΕΤΡΟ ΣΥΓΓΡΟΥ ΦΙΞ, Διαμέρισμα 3ου, 73 τ.μ. Αποτελείται από 3Υ/Δ, κουζίνα με πάσο και μπάνιο. Διαθέτει πόρτα ασφαλείας, συναγερμό, κάμερα ασφαλείας, κουφώματα αλουμινίου (ηλεκτρικά ρολά), ηλεκτρικές συσκευές (ψυγεία, πλυντήριο ρούχων, απορροφητήρα), δυνατότητα διάθεσης όλων των επίπλων με έξτρα κόστος. Τιμή 175.000€ κωδ. 831483 Μεσιτικό Thesis 2109951555, 6942500088 Ε/Κ: Ε (1627476)
ΟΔΟΣ ΕΥΒΟΙΑΣ, Επενδυτικό πολυτελές ακίνητο στο κέντρο της Κυψέλης, λειτουργικά καμαριάριο σε 2 αυτοτελή δώμα, κατάλληλο για εκμετάλλευση από εταιρεία βραχυχρόνιων/ ετήσιων μισθώσεων. Το ακίνητο είναι εκ βάθρων ανακατασκευασμένο, διαθέτει σε και πλήρη ηλεκτρικό εξοπλισμό, κουζίνες και μπάνια, πλυντήρια, ψυγεία, κλιματιστικά. Είναι διαμπερές με μπαλκόνια και στα δύο διαμερίσματα. Απέχει 500 μέτρα από την Πλατεία της Κυψέλης και των του κατασκευή οτινός μετρό και 300 από την αγορά της Κυψέλης. Διαθέτει με παροχή ηλεκτρικού ρεύματος για χρήση με μετρητές καταναλώσεων. Τιμή 175.000€. Δυνατότητα απόδοσης εκτιμάτο απόδοση 8%.Μεσιτικό γραφείο ΕΚΤΙΜΗΣΗ, σεβασμός στον πελάτη, άμεση εξυπηρέτηση. Κα Γώγου 6944963067 (1579743)
ΠΑΓΚΡΑΤΙ, μονοκατοικία 200τ.μ., σε οικόπεδο 232τ.μ. (με Σ.Δ. 3), σε πολύ καλή κατάσταση, είναι σε 2 επίπεδα, με 4 υ/δ, μεγάλο, ενιαίο σαλόνι, εσωτερική αυλή, βεράντα, τζάκι, διπλά τζάμια, ξύλινο πάτωμα, μαρμάρινη σκάλα, βρίσκεται σε πλήρως ήσυχο δρόμο, κοντά σε κεντρικούς δρόμους, ΠΕΑ υπό έκδοση, 590.000ευρώ, Μεσιτικό Γιαννάκου 6944322979, 2103605505 (1620719)
ΠΑΓΚΡΑΤΙ - ΙΔΡΥΜΑ ΕΡΕΥΝΩΝ, ΠΕΡΙΖΕ ΜΕΖΟΝΕΤΑ ΠΛΗΡΩΣ ΚΑΙ ΠΟΛΥΤΕΛΩΣ ΑΝΑΚΑΙΝΙΣΜΕΝΗ ΤΟ 2024, 120τμ, 5ου - 6ου ΟΡΟΦΟΥ. ΜΕΓΑΛΟΙ ΧΩΡΟΙ ΥΠΟΔΟΧΗΣ ΜΕ ΤΖΑΚΙ, 2 ΥΠΝΟΥ MASTER,WC,ΚΟΥΖΙΝΑ(ΜΕ ΗΛΕΚΤΡΙΚΕΣ ΣΥΣΚΕΥΕΣ), ΠΟΡΤΑ ΑΣΦΑΛΕΙΑΣ, ΚΟΥΦΩΜΑΤΑ ΑΛΟΥΜΙΝΙΟΥ, ΔΙΠΛΑ ΤΖΑΜΙΑ,ΔΡΥΙΝΑ ΠΑΤΩΜΑΤΑ, A/C, ΦΥΣΙΚΟ ΑΕΡΙΟ. ΜΕΓΑΛΕΣ ΒΕΡΑΝΤΕΣ 118τμ. ΜΕ ΘΕΑ Τιμή: 800.000€ ΜΕΣΙΤΙΚΟ ΕΠΙΠΕΔΑ www.epipeda.gr Τηλ. 2107210562 (1578484)
ΠΛΑΤΕΙΑ ΑΤΤΙΚΗΣ, I N D Properties Φωτεινό κι ολικά επιπλωμένο διαμέρισμα κατ.2004, 60τμ, 1 υ/δ, 3ος. Βρίσκεται σε ήσυχο σημείο και διαθέτει θέση στάθμευσης, αποθήκη σε υπόγειο, αυτόνομη θέρμανση πετρελαίου, ηλιακό, μπαλκόνι. Ταίριαζει στο μπρος αύλακα είναι σε καλή κατάσταση και σε εξαιρετική κατάσταση και το επιπλωμένο! Κωδ:IKS357, www.indproperties.gr +306907397373 (1627184)
ΠΛΗΣΙΟΝ ΠΛΑΤΕΙΑΣ ΑΥΔΗ, Πωλούνται 3 όροφοι σε τετραώροφο κτίριο με δώμα, συνολικής επιφάνειας ο 1ος, 2ος και 3ος όροφος έκαστος 121 τμ, συνολικό εμβαδό 363 τμ, στο Μεταξουργείο. Το κτίριο είναι γωνιακό με μεγάλα ανοίγματα σε τρεις πλευρές, καθώς διαθέτει και θέση στάθμευσης. Οι όροφοι είναι ανοιχτοί όμοιοι με έναν ο κάθε όροφος open plan διαρρυθμιση, δυνατόν να διαχωριστούν σε πολλά πιθανά φυσικά, αφού είναι ελάχιστα ανεξάρτητα οριζόντια ιδιοκτησίες. Διαθέτει υψηλά τάβανα και ηλεκτρικές εγκαταστάσεις, είναι κατάλληλο και για επαγγελματική στέγη, αλλά και για αλλαγή χρήσης, καθώς μπορεί να διαμορφωθεί σε ξενοδοχείο ή κατοικίες. Τιμή 420.000€. Μεσιτικό γραφείο ΕΚΤΙΜΗΣΗ, σεβασμός στον πελάτη, συμβουλευτική, άμεση εξυπηρέτηση, κα Γώγου 6944963067 (1552460)
ΠΡΟΦΗΤΗΣ ΗΛΙΑΣ, I N D Properties Ρετιρέ 88τμ, με 2 υ/δ, μπάνιο & w/c, 6ος όροφος Κατ.2002. Με κλειστή θέση στάθμευσης υπογείου, αυτόνομη θέρμανση πετρελαίου, ηλιακό, αλουμίνια με διπλά τζάμια, πόρτα ασφαλείας, μεγάλα μπαλκόνια, όμορφη γειτονιά, Άριστη κατάσταση. ΚΩΔ: IKS3840 www.indproperties.gr +306907397373 Ε/Κ: Δ (1572732)
ΣΤΡΑΤΗΓΟΥ ΔΑΓΚΛΗ, Αξιόλογο γωνιακό τριάρι ρετιρέ στα Θυμαράκια, 85 τμ, 4ου ορόφου, πλησίον του ΚΤΕΛ Λιοσίων, ανακαινισμένο, με απεριόριστη θέα. Αποτελείται από κωλ, καθιστικό, ευρύχωρη κουζίνα / τραπεζαρία, δύο υπνοδωμάτια, μπάνιο, w/c. Διαθέτει νέες υδραυλικές και ηλεκτρολογικές εγκαταστάσεις, πολυτελώς ανακατασκευασμένη κουζίνα και μπάνιο, ανακαινισμένα πατώματα, καλή μόνωση στην ταράτσα. Απολαμβάνει άπλετο φως σε όλους τους χώρους, καθώς είναι γωνιακό και διαμπερές, με μπαλκόνι σε τρεις όψεις. Επιπλέον διαθέτει πλήρη επίπλωση, ηλεκτρικά και εξοπλισμό για άμεση χρήση ή για επένδυση με βραχυχρόνια μίσθωση ή απλός αποδόσεις. Τιμή 139.000€, κα Γώγου 6944963067. Μεσιτικό γραφείο ΕΚΤΙΜΗΣΗ, σεβασμός στον πελάτη, συμβουλευτική, άμεση εξυπηρέτηση. (1576238)
ΦΙΛΟΠΑΠΠΟΥ, I N D Properties Μια μοναδική μονοκατοικία 4 επιπέδων, σε υπέροχο σημείο, με θέα Ακρόπολη 310 τ.μ. 5 υ/δ, 4 μπάνια 2 κουζίνες. Αυτόνομη θέρμανση φυσικού αερίου, κουφώματα αλουμινίου ηλιακό, θέσεις στάθμευσης, όμορφο μπαλκόνια Πολυτελές κατασκευασμένο με 2 τζάκια, μαρμάρινα δάπεδα, ιδανικό για μεγάλες ή μικρές οικογένειες! Κωδ: IKS00 www.indproperties.gr (1601226?)
ΑΝΑΤΟΛΙΚΑ ΠΡΟΑΣΤΙΑ
ΒΑΡΝΑΒΑΣ, Ανακαινισμένη μεζονέτα του 1976 με υπέροχη θέα. Στο ισόγειο κουζίνα, σαλόνι, τραπεζαρία, wc, αποθήκη, τζάκι, καυστήρας πετρελαίου. Διαθέτει κήπο για υπαίθριο και δέντρα. 1ος όροφος 3 υ/δ και μπάνιο, εξωτερική αυλή, αποθήκη, παρκινγκ για 4 1.Χ. κάμαρες στον όροφο, ενεργ. κλάση Β, δάπεδα κεραμικό, τζάκι, πλακάκι, δορυφ. κεραία. επενδυτικό. Τιμή 265000€ ΤΗΛ 6949217558 (1589828)
ΓΕΡΑΚΑΣ - ΠΑΤΗΜΑ, Μονοκατοικία 350 τ.μ., κατασκευής 2003, γωνιακή, σε οικόπεδο 239 τ.μ., με 50 τ.μ. υπόγειο garage. Σαλόνι, τραπεζαρία, κουζίνα, WC, 3 υπνοδωμάτια, 2 λουτρά, ανοιχτή υπόγεια, ατομικές γωνιακά με 1 υπνοδωμάτιο και μπάνιο. Αυτονομία, ηλιακό, κλιματισμός, πόρτα ασφαλείας, συναγερμός. 820.000€ (ID.267305) MONOPOLY-realestate.gr (ΜΑΣ) 2109603023 (1484079)
ΜΑΡΑΘΩΝΑΣ ΔΙΚΑΣΤΙΚΑ - ΜΟΝΑΔΙΚΗ ΒΙΛΑ, Με απροσκοπτη θέα θάλασσα. Κυρίως βίλα(280τμ): Ισόγειο:Σαλόνι, τραπεζαρία με open plan κουζίνα,γραφείο,wc. 1ος όροφος: 3 master υ/δ με ιδιωτικό μπάνιο,βεράντα. 2ος Όροφος: Δύο υπνοδωμάτια, ensuite μπάνιο, το ένα με τζάκι. Στο ισόγειο έχουμε την έξοδο στον κήπο με την infinity pisina και τα Εσωτερικά γνωσίζ. Laundry room, αποθήκη,εσωτερικό ασανσερ, παρκινγκ 2 θέσεων, δωμάτιο υπηρεσίας με μπάνιο. Συναγερμός, κάμερες, VPF φούρνο-θέρμανση σε όλους τους χώρους.Στο ένα παράθυρο κουζίνα με την πλευρά του κήπου.Ε 2 ανεξάρτητα διαμερίσματα 150τμ το καθένα με δύο υ/δ,2 μπάνιο open plan κουζίνα-καθιστικό, laundry room.1 υπόγειο θέση στάθμευσης το καθένα, laundry. Τιμή: 3.200.000€ LvMykonos Real Estate, τηλ.6987312053, lvmykonos@yahoo.com Ε/Κ: Β (1587698)
ΒΟΡΕΙΑ ΠΡΟΑΣΤΙΑ
ΑΝΩ ΧΑΛΑΝΔΡΙ, Μεζονέτα 5όροφη 2004 428τμ πολυτελές διαμπερές πλήρες παροχές/εγκαταστάσεις βεράντες κήπος 128τμ θέσεις στάθμευσης αποθήκη σοφίτα playroom 8Υ/Δ 3 σαλόνια 3 κουζίνες 4 μπάνια 2 WC ανακαίνιση 2020 συνολικά οικόπεδο 428τμ οικόπεδο 62τμ σοφίτα πωλείται 1.350.000€ τιμή συζητήσιμη ΤΣΟΥΚΑΛΗΣ ΑΜΕΚΑ 6944-353435 dtsmitsos7@gmail.com Δημήτριος Τσούκαλης Ε/Κ: Γ (1588329)
ΒΡΙΛΗΣΣΙΑ, 2ος, 150τμ, (415.000€),σε φανταστικό σημείο του Δήμου, σε μία εξαιρετικά προσεγμένη πολυκατοικία,μέσα στο πράσινο, με απεριόριστη θέα και άμεση πρόσβαση σε πάρκα, σχολεία, μετρό-προαστιακό-Αττική οδό, μεγάλα super markets. Τρία υ/δ, parking,αποθήκη,ανεξάρτητη κουζίνα,τζάκι. 2106010660 ΚΤΗΜΑΤΟΜΕΣΙΤΙΚΗ ΜΑΥΡΑΓΑΝΗΣ 6974317194 www.mesitiko-mavraganis.gr (1586782)
